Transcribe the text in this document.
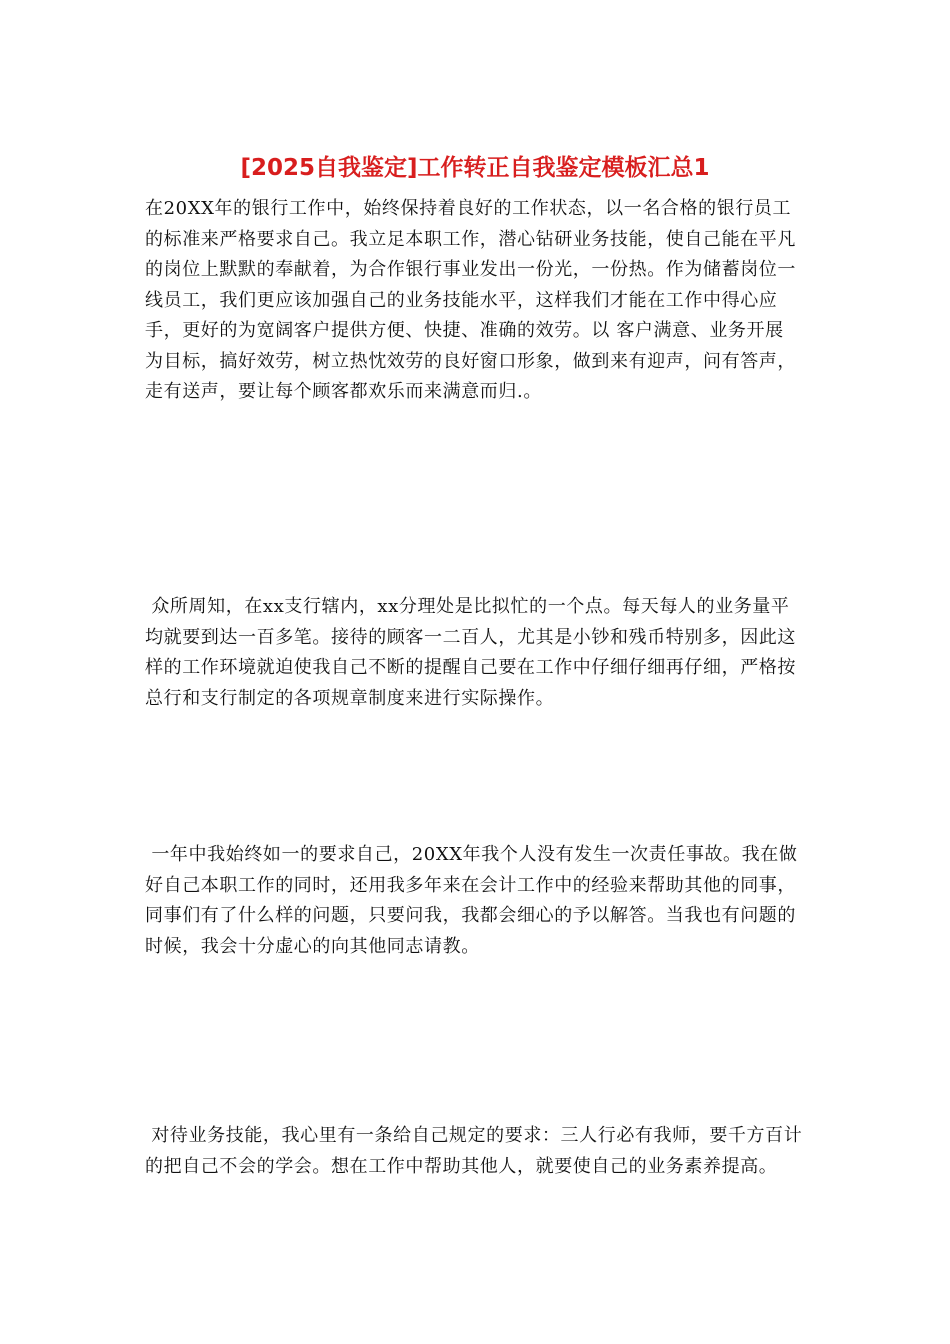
[2025自我鉴定]工作转正自我鉴定模板汇总1

在20XX年的银行工作中，始终保持着良好的工作状态，以一名合格的银行员工的标准来严格要求自己。我立足本职工作，潜心钻研业务技能，使自己能在平凡的岗位上默默的奉献着，为合作银行事业发出一份光，一份热。作为储蓄岗位一线员工，我们更应该加强自己的业务技能水平，这样我们才能在工作中得心应手，更好的为宽阔客户提供方便、快捷、准确的效劳。以 客户满意、业务开展 为目标，搞好效劳，树立热忱效劳的良好窗口形象，做到来有迎声，问有答声，走有送声，要让每个顾客都欢乐而来满意而归.。

众所周知，在xx支行辖内，xx分理处是比拟忙的一个点。每天每人的业务量平均就要到达一百多笔。接待的顾客一二百人，尤其是小钞和残币特别多，因此这样的工作环境就迫使我自己不断的提醒自己要在工作中仔细仔细再仔细，严格按总行和支行制定的各项规章制度来进行实际操作。

一年中我始终如一的要求自己，20XX年我个人没有发生一次责任事故。我在做好自己本职工作的同时，还用我多年来在会计工作中的经验来帮助其他的同事，同事们有了什么样的问题，只要问我，我都会细心的予以解答。当我也有问题的时候，我会十分虚心的向其他同志请教。

对待业务技能，我心里有一条给自己规定的要求：三人行必有我师，要千方百计的把自己不会的学会。想在工作中帮助其他人，就要使自己的业务素养提高。
